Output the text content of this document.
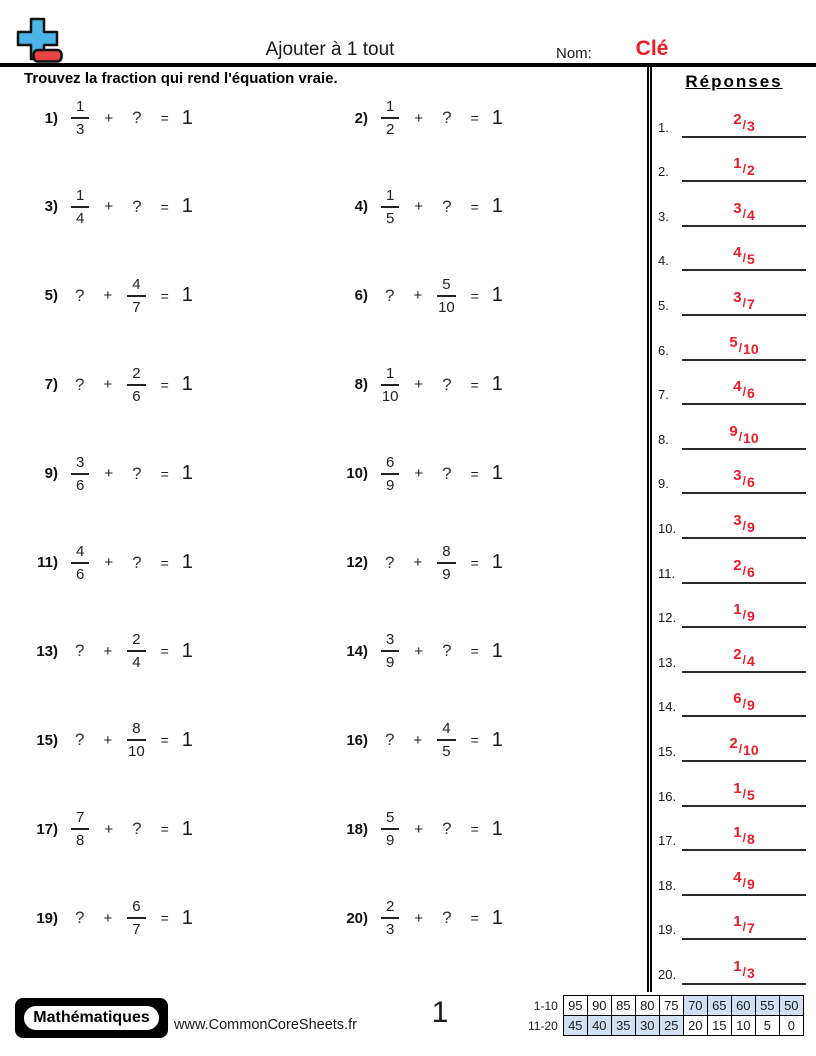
Ajouter à 1 tout	Nom:	Clé
Trouvez la fraction qui rend l'équation vraie.
$1) \frac{1}{3}$ + ? = 1	$2) \frac{1}{2}$ + ? = 1
$3) \frac{1}{4}$ + ? = 1	$4) \frac{1}{5}$ + ? = 1
5) ? + $\frac{4}{7} = 1$	6) ? + $\frac{5}{10} = 1$
7) ? + $\frac{2}{6} = 1$	$8) \frac{1}{10}$ + ? = 1
$9) \frac{3}{6}$ + ? = 1	$10) \frac{6}{9}$ + ? = 1
$11) \frac{4}{6}$ + ? = 1	12) ? + $\frac{8}{9} = 1$
13) ? + $\frac{2}{4} = 1$	$14) \frac{3}{9}$ + ? = 1
15) ? + $\frac{8}{10} = 1$	16) ? + $\frac{4}{5} = 1$
$17) \frac{7}{8}$ + ? = 1	$18) \frac{5}{9}$ + ? = 1
19) ? + $\frac{6}{7} = 1$	$20) \frac{2}{3}$ + ? = 1
Réponses
1.	2/3
2.	1/2
3.	3/4
4.	4/5
5.	3/7
6.	5/10
7.	4/6
8.	9/10
9.	3/6
10.	3/9
11.	2/6
12.	1/9
13.	2/4
14.	6/9
15.	2/10
16.	1/5
17.	1/8
18.	4/9
19.	1/7
20.	1/3
Mathématiques	www.CommonCoreSheets.fr	1	1-10	95	90	85	80	75	70	65	60	55	50
11-20	45	40	35	30	25	20	15	10	5	0
